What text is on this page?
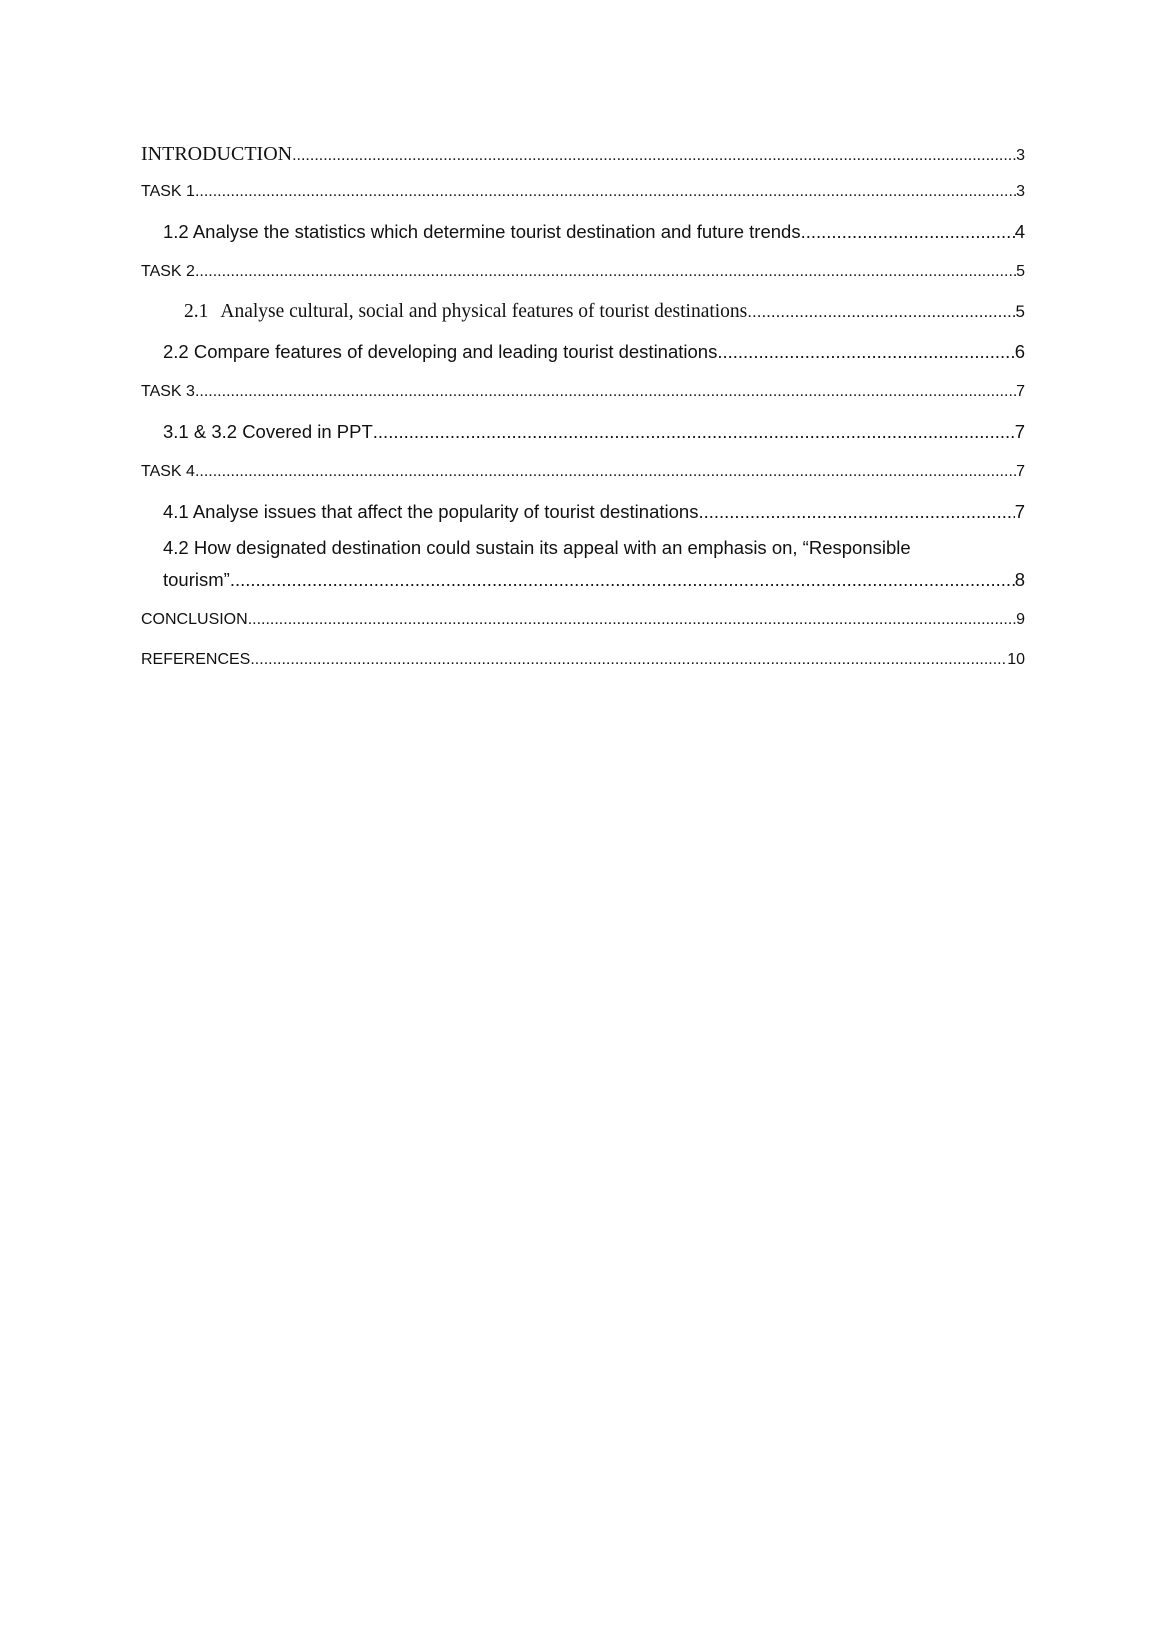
INTRODUCTION .....	3
TASK 1 .....	3
1.2 Analyse the statistics which determine tourist destination and future trends .....	4
TASK 2 .....	5
2.1 Analyse cultural, social and physical features of tourist destinations .....	5
2.2 Compare features of developing and leading tourist destinations .....	6
TASK 3 .....	7
3.1 & 3.2 Covered in PPT .....	7
TASK 4 .....	7
4.1 Analyse issues that affect the popularity of tourist destinations .....	7
4.2 How designated destination could sustain its appeal with an emphasis on, “Responsible
tourism” .....	8
CONCLUSION .....	9
REFERENCES .....	10
